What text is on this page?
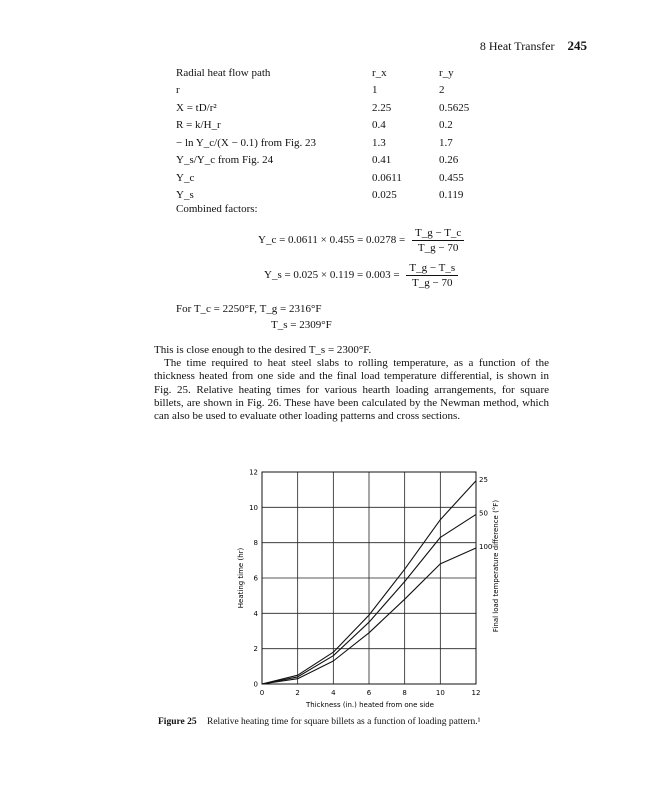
8 Heat Transfer 245
Radial heat flow path	r_x	r_y
r	1	2
X = tD/r²	2.25	0.5625
R = k/H_r	0.4	0.2
− ln Y_c/(X − 0.1) from Fig. 23	1.3	1.7
Y_s/Y_c from Fig. 24	0.41	0.26
Y_c	0.0611	0.455
Y_s	0.025	0.119
Combined factors:
Y_c = $0.0611 \times 0.455 = 0.0278 = \frac{T\_g - T\_c}{T\_g - 70}$
Y_s = $0.025 \times 0.119 = 0.003 = \frac{T\_g - T\_s}{T\_g - 70}$
For T_c = 2250°F, T_g = 2316°F
T_s = 2309°F

This is close enough to the desired T_s = 2300°F.

The time required to heat steel slabs to rolling temperature, as a function of the thickness heated from one side and the final load temperature differential, is shown in Fig. 25. Relative heating times for various hearth loading arrangements, for square billets, are shown in Fig. 26. These have been calculated by the Newman method, which can also be used to evaluate other loading patterns and cross sections.

0	2	4	6	8	10	12
0
2
4
6
8
10
12
25
50
100
Thickness (in.) heated from one side
Heating time (hr)	Final load temperature difference (°F)
Figure 25 Relative heating time for square billets as a function of loading pattern.¹
